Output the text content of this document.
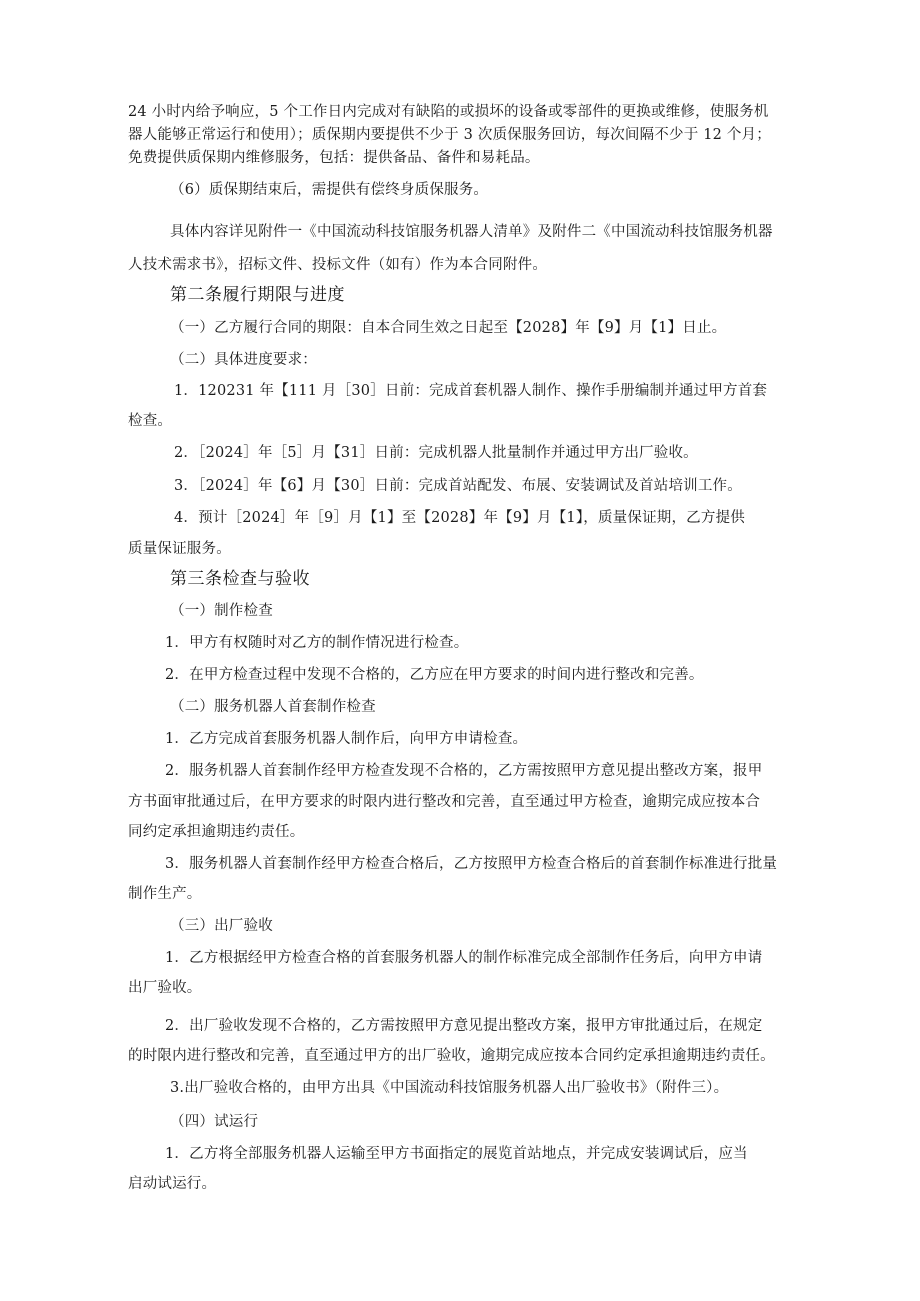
24 小时内给予响应，5 个工作日内完成对有缺陷的或损坏的设备或零部件的更换或维修，使服务机
器人能够正常运行和使用）；质保期内要提供不少于 3 次质保服务回访，每次间隔不少于 12 个月；
免费提供质保期内维修服务，包括：提供备品、备件和易耗品。
（6）质保期结束后，需提供有偿终身质保服务。
具体内容详见附件一《中国流动科技馆服务机器人清单》及附件二《中国流动科技馆服务机器
人技术需求书》，招标文件、投标文件（如有）作为本合同附件。
第二条履行期限与进度
（一）乙方履行合同的期限：自本合同生效之日起至【2028】年【9】月【1】日止。
（二）具体进度要求：
1．120231 年【111 月［30］日前：完成首套机器人制作、操作手册编制并通过甲方首套
检查。
2．［2024］年［5］月【31］日前：完成机器人批量制作并通过甲方出厂验收。
3．［2024］年【6】月【30］日前：完成首站配发、布展、安装调试及首站培训工作。
4．预计［2024］年［9］月【1】至【2028】年【9】月【1】，质量保证期，乙方提供
质量保证服务。
第三条检查与验收
（一）制作检查
1．甲方有权随时对乙方的制作情况进行检查。
2．在甲方检查过程中发现不合格的，乙方应在甲方要求的时间内进行整改和完善。
（二）服务机器人首套制作检查
1．乙方完成首套服务机器人制作后，向甲方申请检查。
2．服务机器人首套制作经甲方检查发现不合格的，乙方需按照甲方意见提出整改方案，报甲
方书面审批通过后，在甲方要求的时限内进行整改和完善，直至通过甲方检查，逾期完成应按本合
同约定承担逾期违约责任。
3．服务机器人首套制作经甲方检查合格后，乙方按照甲方检查合格后的首套制作标准进行批量
制作生产。
（三）出厂验收
1．乙方根据经甲方检查合格的首套服务机器人的制作标准完成全部制作任务后，向甲方申请
出厂验收。
2．出厂验收发现不合格的，乙方需按照甲方意见提出整改方案，报甲方审批通过后，在规定
的时限内进行整改和完善，直至通过甲方的出厂验收，逾期完成应按本合同约定承担逾期违约责任。
3.出厂验收合格的，由甲方出具《中国流动科技馆服务机器人出厂验收书》（附件三）。
（四）试运行
1．乙方将全部服务机器人运输至甲方书面指定的展览首站地点，并完成安装调试后，应当
启动试运行。
